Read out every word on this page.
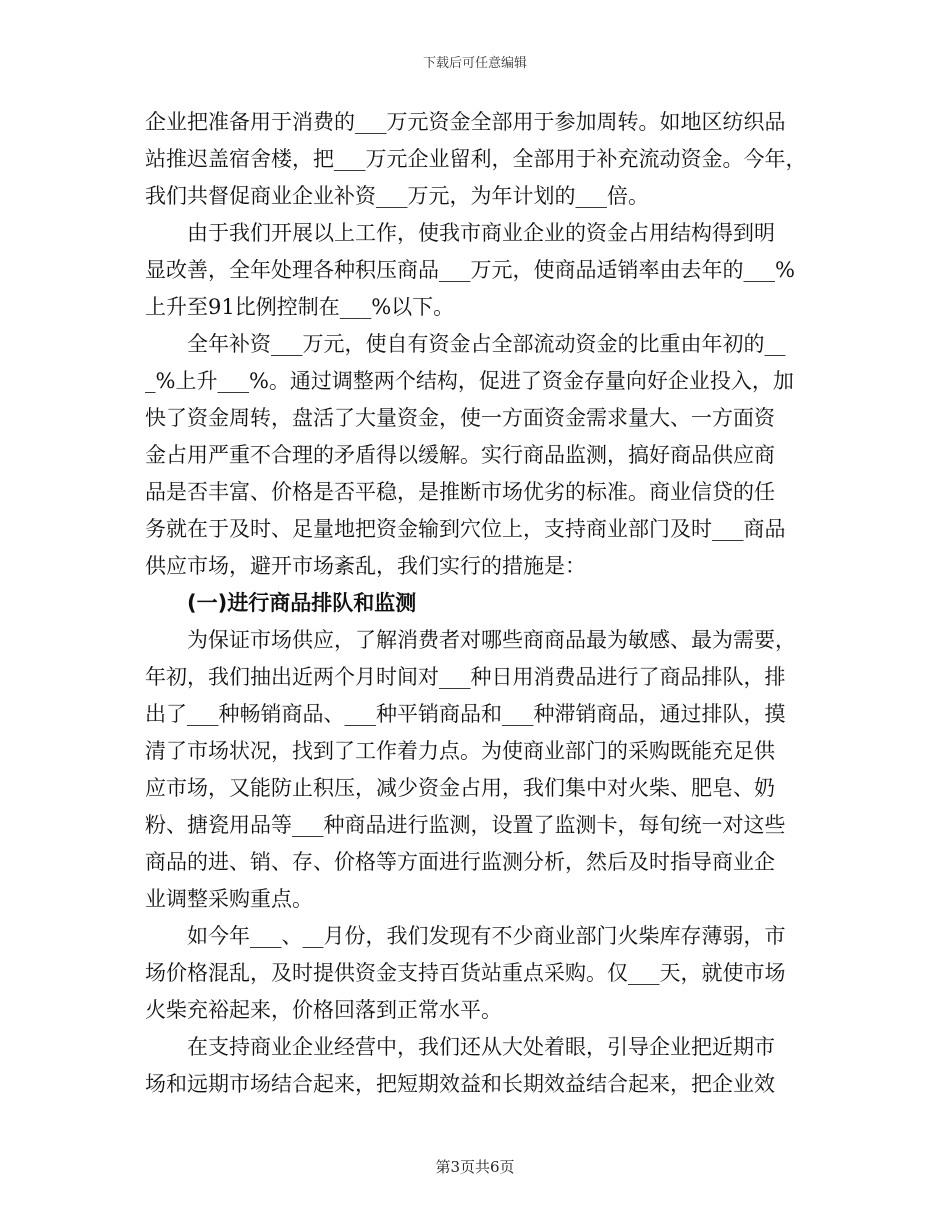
下载后可任意编辑
企业把准备用于消费的___万元资金全部用于参加周转。如地区纺织品
站推迟盖宿舍楼，把___万元企业留利，全部用于补充流动资金。今年，
我们共督促商业企业补资___万元，为年计划的___倍。
由于我们开展以上工作，使我市商业企业的资金占用结构得到明
显改善，全年处理各种积压商品___万元，使商品适销率由去年的___%
上升至91比例控制在___%以下。
全年补资___万元，使自有资金占全部流动资金的比重由年初的__
_%上升___%。通过调整两个结构，促进了资金存量向好企业投入，加
快了资金周转，盘活了大量资金，使一方面资金需求量大、一方面资
金占用严重不合理的矛盾得以缓解。实行商品监测，搞好商品供应商
品是否丰富、价格是否平稳，是推断市场优劣的标准。商业信贷的任
务就在于及时、足量地把资金输到穴位上，支持商业部门及时___商品
供应市场，避开市场紊乱，我们实行的措施是：
(一)进行商品排队和监测
为保证市场供应，了解消费者对哪些商商品最为敏感、最为需要，
年初，我们抽出近两个月时间对___种日用消费品进行了商品排队，排
出了___种畅销商品、___种平销商品和___种滞销商品，通过排队，摸
清了市场状况，找到了工作着力点。为使商业部门的采购既能充足供
应市场，又能防止积压，减少资金占用，我们集中对火柴、肥皂、奶
粉、搪瓷用品等___种商品进行监测，设置了监测卡，每旬统一对这些
商品的进、销、存、价格等方面进行监测分析，然后及时指导商业企
业调整采购重点。
如今年___、__月份，我们发现有不少商业部门火柴库存薄弱，市
场价格混乱，及时提供资金支持百货站重点采购。仅___天，就使市场
火柴充裕起来，价格回落到正常水平。
在支持商业企业经营中，我们还从大处着眼，引导企业把近期市
场和远期市场结合起来，把短期效益和长期效益结合起来，把企业效
第3页共6页
